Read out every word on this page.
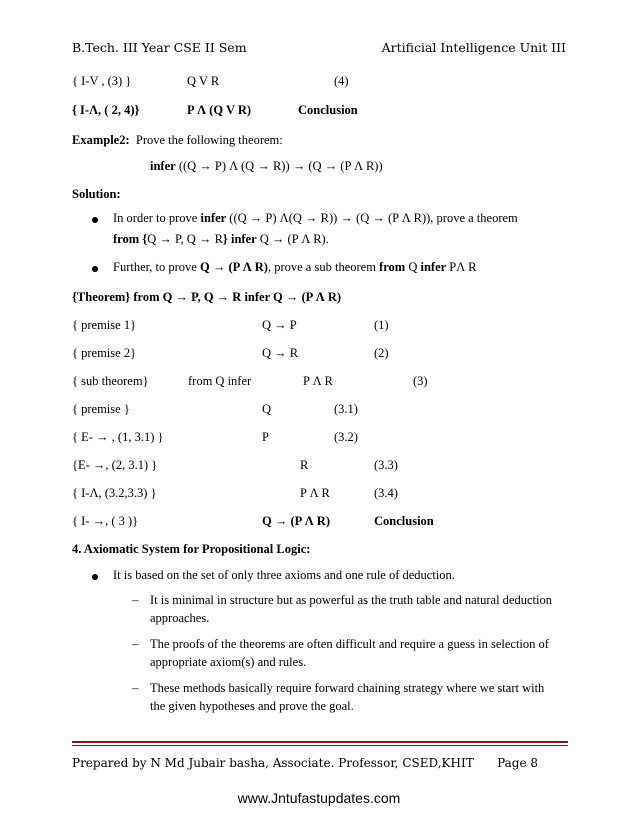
B.Tech. III Year CSE II Sem	Artificial Intelligence Unit III
{ I-V , (3) }	Q V R	(4)
{ I-Λ, ( 2, 4)}	P Λ (Q V R)	Conclusion
Example2: Prove the following theorem:
infer ((Q → P) Λ (Q → R)) → (Q → (P Λ R))
Solution:
In order to prove infer ((Q → P) Λ(Q → R)) → (Q → (P Λ R)), prove a theorem
from {Q → P, Q → R} infer Q → (P Λ R).
Further, to prove Q → (P Λ R), prove a sub theorem from Q infer PΛ R
{Theorem} from Q → P, Q → R infer Q → (P Λ R)
{ premise 1}	Q → P	(1)
{ premise 2}	Q → R	(2)
{ sub theorem}	from Q infer	P Λ R	(3)
{ premise }	Q	(3.1)
{ E- → , (1, 3.1) }	P	(3.2)
{E- →, (2, 3.1) }	R	(3.3)
{ I-Λ, (3.2,3.3) }	P Λ R	(3.4)
{ I- →, ( 3 )}	Q → (P Λ R)	Conclusion
4. Axiomatic System for Propositional Logic:
It is based on the set of only three axioms and one rule of deduction.
– It is minimal in structure but as powerful as the truth table and natural deduction
approaches.
– The proofs of the theorems are often difficult and require a guess in selection of
appropriate axiom(s) and rules.
– These methods basically require forward chaining strategy where we start with
the given hypotheses and prove the goal.
Prepared by N Md Jubair basha, Associate. Professor, CSED,KHIT Page 8
www.Jntufastupdates.com
